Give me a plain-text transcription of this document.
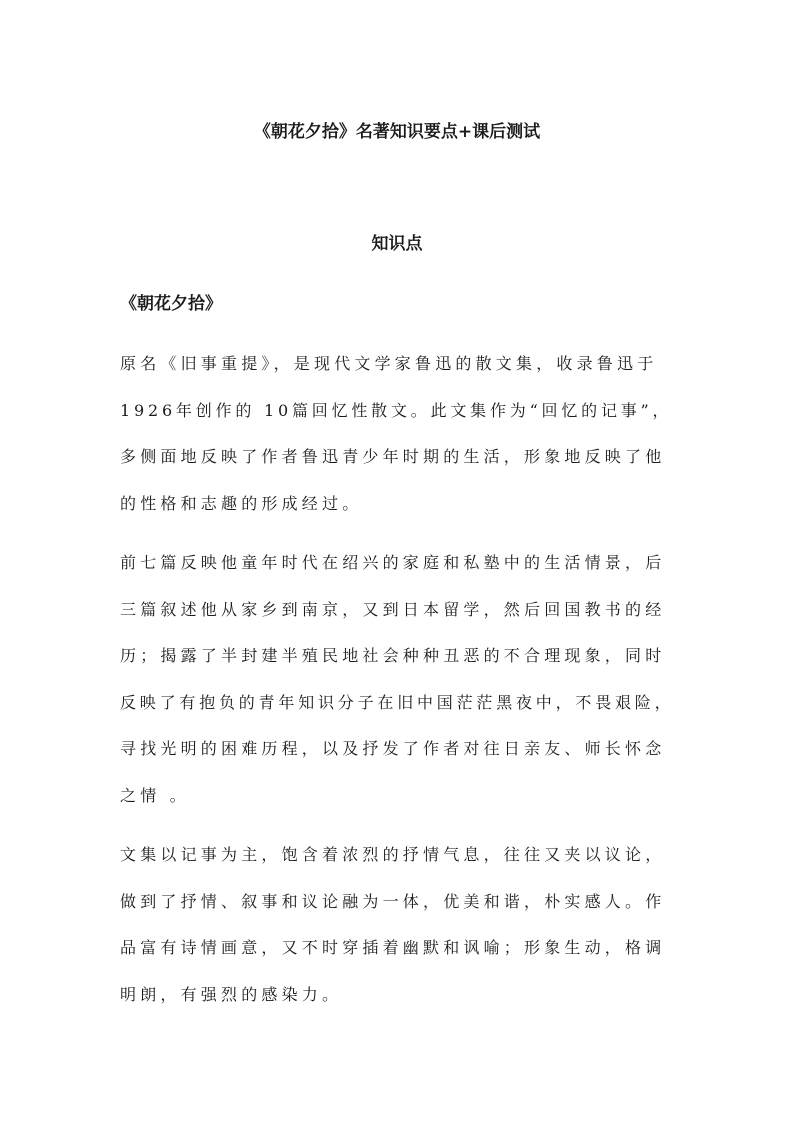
《朝花夕拾》名著知识要点+课后测试
知识点
《朝花夕拾》
原名《旧事重提》，是现代文学家鲁迅的散文集，收录鲁迅于
1926年创作的 10篇回忆性散文。此文集作为“回忆的记事”，
多侧面地反映了作者鲁迅青少年时期的生活，形象地反映了他
的性格和志趣的形成经过。
前七篇反映他童年时代在绍兴的家庭和私塾中的生活情景，后
三篇叙述他从家乡到南京，又到日本留学，然后回国教书的经
历；揭露了半封建半殖民地社会种种丑恶的不合理现象，同时
反映了有抱负的青年知识分子在旧中国茫茫黑夜中，不畏艰险，
寻找光明的困难历程，以及抒发了作者对往日亲友、师长怀念
之情 。
文集以记事为主，饱含着浓烈的抒情气息，往往又夹以议论，
做到了抒情、叙事和议论融为一体，优美和谐，朴实感人。作
品富有诗情画意，又不时穿插着幽默和讽喻；形象生动，格调
明朗，有强烈的感染力。
